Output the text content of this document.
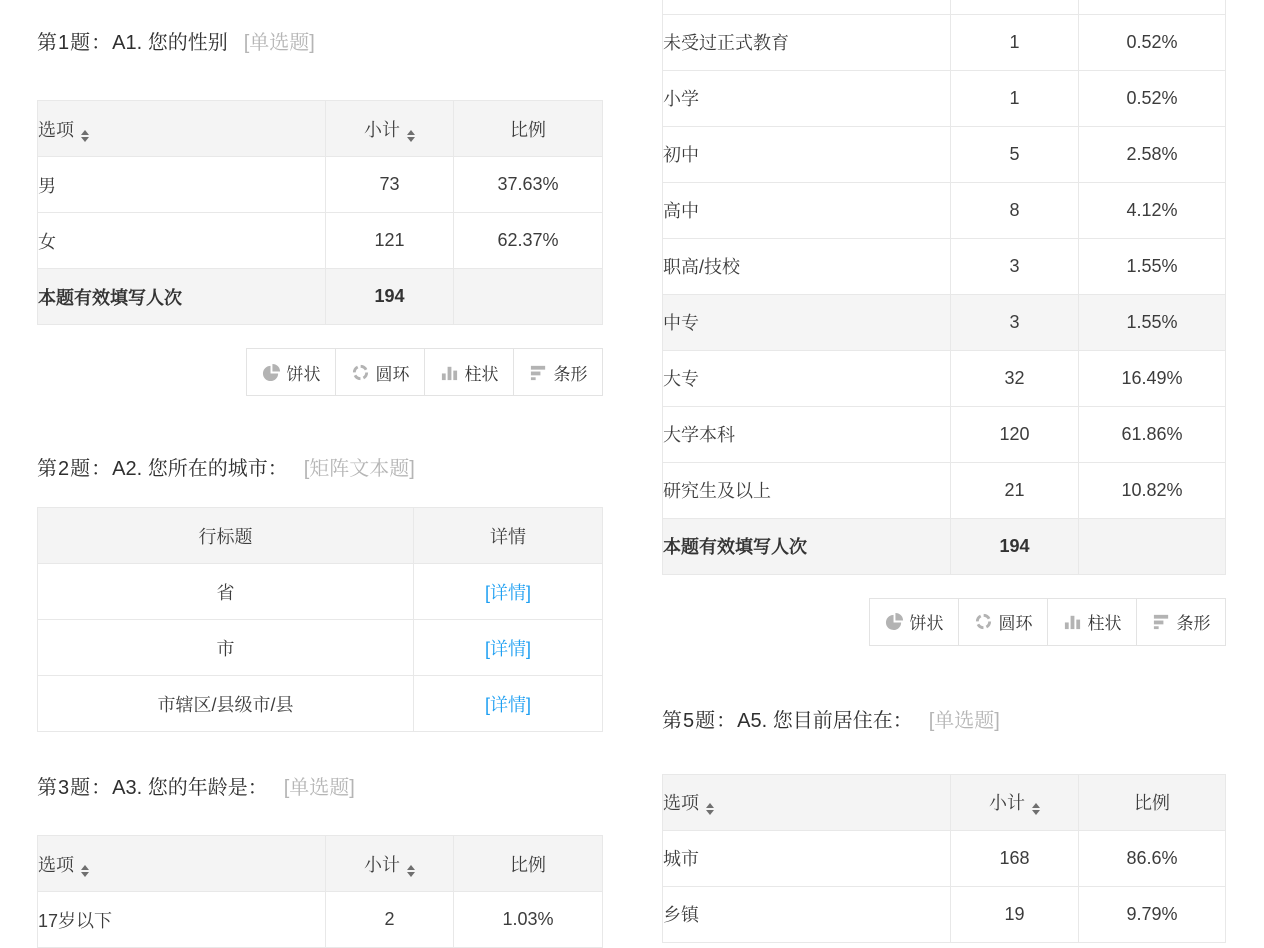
第1题：A1. 您的性别 [单选题]
选项	小计	比例
男	73	37.63%
女	121	62.37%
本题有效填写人次	194	
饼状	圆环	柱状	条形
第2题：A2. 您所在的城市： [矩阵文本题]
行标题	详情
省	[详情]
市	[详情]
市辖区/县级市/县	[详情]
第3题：A3. 您的年龄是： [单选题]
选项	小计	比例
17岁以下	2	1.03%

未受过正式教育	1	0.52%
小学	1	0.52%
初中	5	2.58%
高中	8	4.12%
职高/技校	3	1.55%
中专	3	1.55%
大专	32	16.49%
大学本科	120	61.86%
研究生及以上	21	10.82%
本题有效填写人次	194	
饼状	圆环	柱状	条形
第5题：A5. 您目前居住在： [单选题]
选项	小计	比例
城市	168	86.6%
乡镇	19	9.79%
